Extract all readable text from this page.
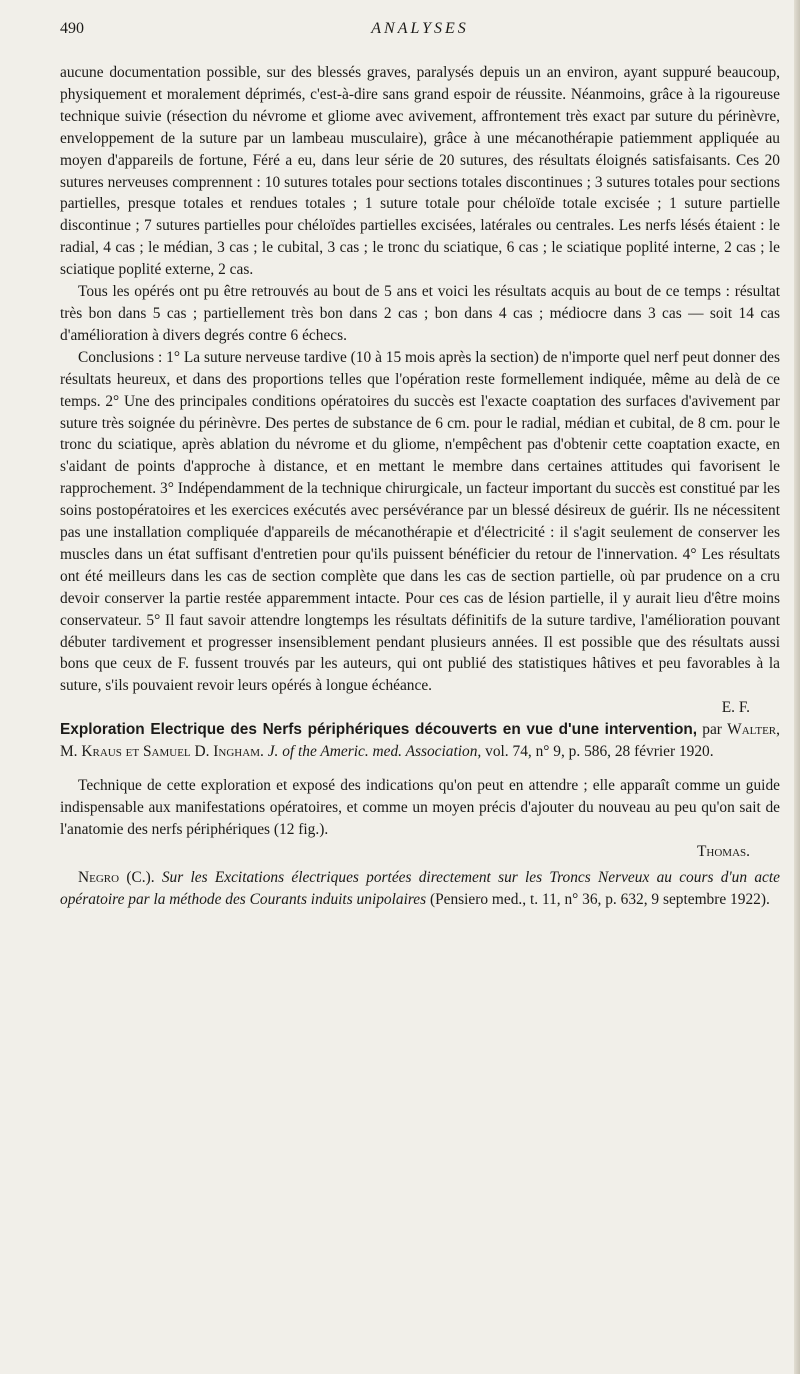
490	ANALYSES

aucune documentation possible, sur des blessés graves, paralysés depuis un an environ, ayant suppuré beaucoup, physiquement et moralement déprimés, c'est-à-dire sans grand espoir de réussite. Néanmoins, grâce à la rigoureuse technique suivie (résection du névrome et gliome avec avivement, affrontement très exact par suture du périnèvre, enveloppement de la suture par un lambeau musculaire), grâce à une mécanothérapie patiemment appliquée au moyen d'appareils de fortune, Féré a eu, dans leur série de 20 sutures, des résultats éloignés satisfaisants. Ces 20 sutures nerveuses comprennent : 10 sutures totales pour sections totales discontinues ; 3 sutures totales pour sections partielles, presque totales et rendues totales ; 1 suture totale pour chéloïde totale excisée ; 1 suture partielle discontinue ; 7 sutures partielles pour chéloïdes partielles excisées, latérales ou centrales. Les nerfs lésés étaient : le radial, 4 cas ; le médian, 3 cas ; le cubital, 3 cas ; le tronc du sciatique, 6 cas ; le sciatique poplité interne, 2 cas ; le sciatique poplité externe, 2 cas.

Tous les opérés ont pu être retrouvés au bout de 5 ans et voici les résultats acquis au bout de ce temps : résultat très bon dans 5 cas ; partiellement très bon dans 2 cas ; bon dans 4 cas ; médiocre dans 3 cas — soit 14 cas d'amélioration à divers degrés contre 6 échecs.

Conclusions : 1° La suture nerveuse tardive (10 à 15 mois après la section) de n'importe quel nerf peut donner des résultats heureux, et dans des proportions telles que l'opération reste formellement indiquée, même au delà de ce temps. 2° Une des principales conditions opératoires du succès est l'exacte coaptation des surfaces d'avivement par suture très soignée du périnèvre. Des pertes de substance de 6 cm. pour le radial, médian et cubital, de 8 cm. pour le tronc du sciatique, après ablation du névrome et du gliome, n'empêchent pas d'obtenir cette coaptation exacte, en s'aidant de points d'approche à distance, et en mettant le membre dans certaines attitudes qui favorisent le rapprochement. 3° Indépendamment de la technique chirurgicale, un facteur important du succès est constitué par les soins postopératoires et les exercices exécutés avec persévérance par un blessé désireux de guérir. Ils ne nécessitent pas une installation compliquée d'appareils de mécanothérapie et d'électricité : il s'agit seulement de conserver les muscles dans un état suffisant d'entretien pour qu'ils puissent bénéficier du retour de l'innervation. 4° Les résultats ont été meilleurs dans les cas de section complète que dans les cas de section partielle, où par prudence on a cru devoir conserver la partie restée apparemment intacte. Pour ces cas de lésion partielle, il y aurait lieu d'être moins conservateur. 5° Il faut savoir attendre longtemps les résultats définitifs de la suture tardive, l'amélioration pouvant débuter tardivement et progresser insensiblement pendant plusieurs années. Il est possible que des résultats aussi bons que ceux de F. fussent trouvés par les auteurs, qui ont publié des statistiques hâtives et peu favorables à la suture, s'ils pouvaient revoir leurs opérés à longue échéance.

E. F.

Exploration Electrique des Nerfs périphériques découverts en vue d'une intervention, par Walter, M. Kraus et Samuel D. Ingham. J. of the Americ. med. Association, vol. 74, n° 9, p. 586, 28 février 1920.

Technique de cette exploration et exposé des indications qu'on peut en attendre ; elle apparaît comme un guide indispensable aux manifestations opératoires, et comme un moyen précis d'ajouter du nouveau au peu qu'on sait de l'anatomie des nerfs périphériques (12 fig.).

Thomas.

Negro (C.). Sur les Excitations électriques portées directement sur les Troncs Nerveux au cours d'un acte opératoire par la méthode des Courants induits unipolaires (Pensiero med., t. 11, n° 36, p. 632, 9 septembre 1922).
